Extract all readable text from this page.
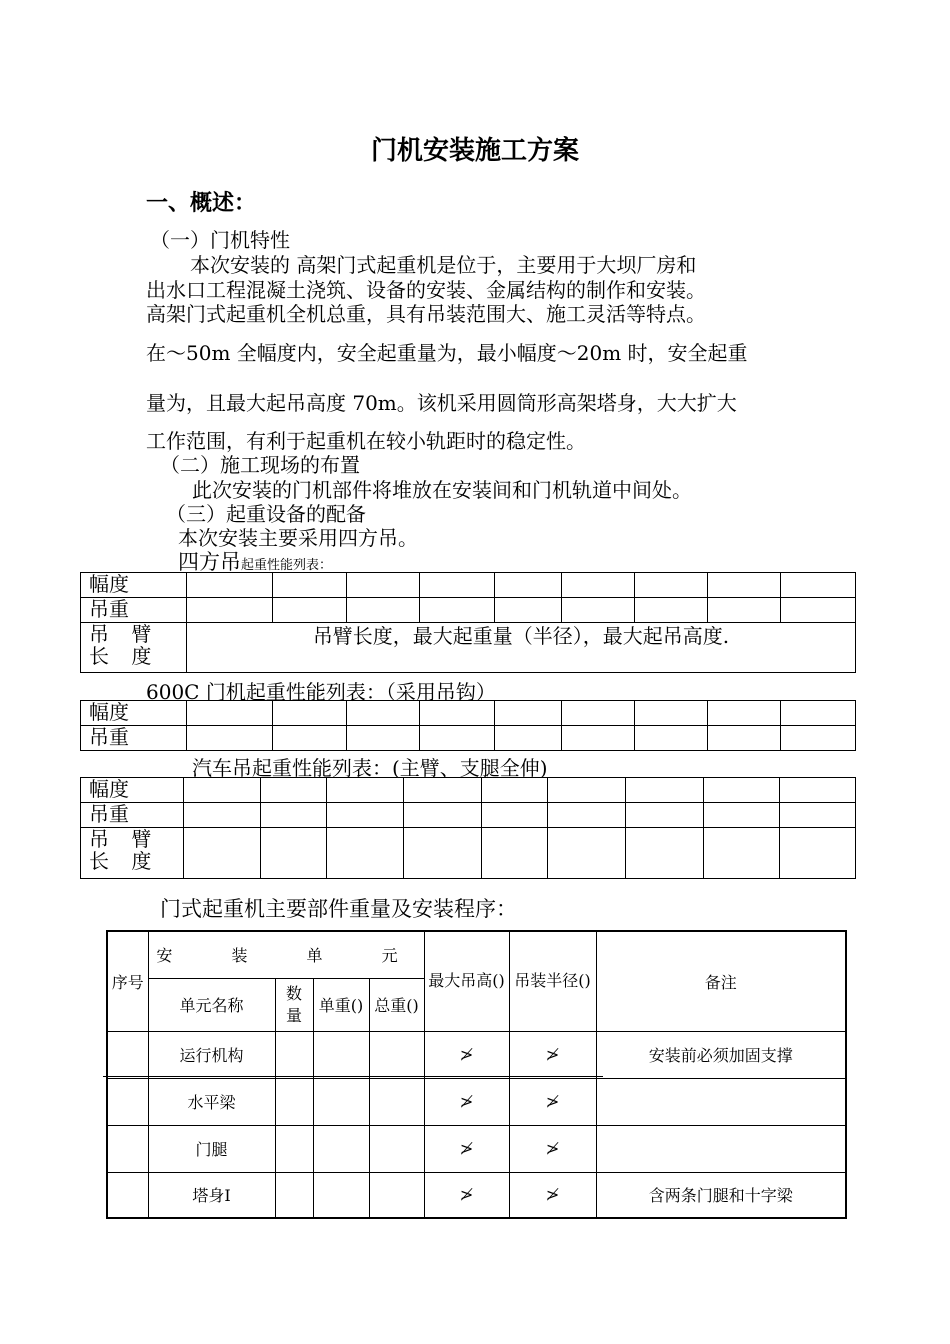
门机安装施工方案
一、概述：
（一）门机特性
本次安装的 高架门式起重机是位于，主要用于大坝厂房和
出水口工程混凝土浇筑、设备的安装、金属结构的制作和安装。
高架门式起重机全机总重，具有吊装范围大、施工灵活等特点。
在～50m 全幅度内，安全起重量为，最小幅度～20m 时，安全起重
量为，且最大起吊高度 70m。该机采用圆筒形高架塔身，大大扩大
工作范围，有利于起重机在较小轨距时的稳定性。
（二）施工现场的布置
此次安装的门机部件将堆放在安装间和门机轨道中间处。
（三）起重设备的配备
本次安装主要采用四方吊。
四方吊起重性能列表：
幅度									
吊重									
吊 臂 长 度	吊臂长度，最大起重量（半径），最大起吊高度.								
600C 门机起重性能列表：（采用吊钩）
幅度									
吊重									
汽车吊起重性能列表：(主臂、支腿全伸)
幅度									
吊重									
吊 臂 长 度									
门式起重机主要部件重量及安装程序：
序号	安 装 单 元				最大吊高()	吊装半径()	备注
	单元名称	数量	单重()	总重()			
	运行机构				≯	≯	安装前必须加固支撑
	水平梁				≯	≯	
	门腿				≯	≯	
	塔身Ⅰ				≯	≯	含两条门腿和十字梁
